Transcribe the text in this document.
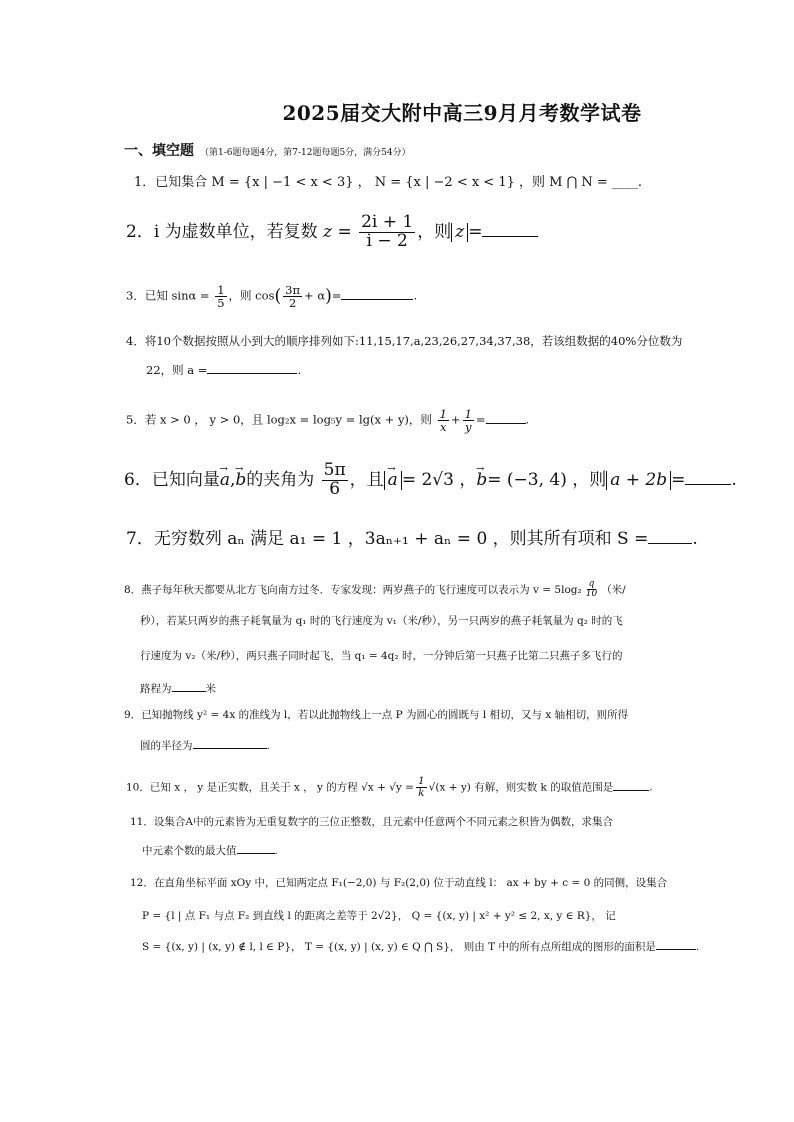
2025届交大附中高三9月月考数学试卷
一、填空题 （第1-6题每题4分，第7-12题每题5分，满分54分）
1．已知集合 M = {x | −1 < x < 3} ， N = {x | −2 < x < 1} ，则 M ⋂ N = ____.
2．i 为虚数单位，若复数 $z = \frac{2i + 1}{i - 2}$ ，则 z =
3．已知 $\sin\alpha = \frac{1}{5}$ ，则 $\cos( \frac{3\pi}{2} + \alpha)=$	.
4．将10个数据按照从小到大的顺序排列如下:11,15,17,a,23,26,27,34,37,38，若该组数据的40%分位数为
22，则 a =	.
5．若 x > 0 ， y > 0，且 log₂x = log₅y = lg(x + y)，则 $\frac{1}{x} + \frac{1}{y}$ =	.
6．已知向量→ a,→ b的夹角为 $\frac{5\pi}{6}$ ，且→ a = 2√3 ，→ b= (−3, 4) ，则 a + 2b =	.
7．无穷数列 aₙ 满足 a₁ = 1 ，3aₙ₊₁ + aₙ = 0 ，则其所有项和 S =	.
8．燕子每年秋天都要从北方飞向南方过冬．专家发现：两岁燕子的飞行速度可以表示为 $v = 5\log_2 \frac{q}{10}$ （米/
秒），若某只两岁的燕子耗氧量为 q₁ 时的飞行速度为 v₁（米/秒），另一只两岁的燕子耗氧量为 q₂ 时的飞
行速度为 v₂（米/秒），两只燕子同时起飞，当 q₁ = 4q₂ 时，一分钟后第一只燕子比第二只燕子多飞行的
路程为	米
9．已知抛物线 y² = 4x 的准线为 l，若以此抛物线上一点 P 为圆心的圆既与 l 相切，又与 x 轴相切，则所得
圆的半径为	.
10．已知 x ， y 是正实数，且关于 x ， y 的方程 $√x + √y = \frac{1}{k} √(x + y)$ 有解，则实数 k 的取值范围是	.
11．设集合A中的元素皆为无重复数字的三位正整数，且元素中任意两个不同元素之积皆为偶数，求集合
中元素个数的最大值	.
12．在直角坐标平面 xOy 中，已知两定点 F₁(−2,0) 与 F₂(2,0) 位于动直线 l： ax + by + c = 0 的同侧，设集合
P = {l | 点 F₁ 与点 F₂ 到直线 l 的距离之差等于 2√2}， Q = {(x, y) | x² + y² ≤ 2, x, y ∈ R}， 记
S = {(x, y) | (x, y) ∉ l, l ∈ P}， T = {(x, y) | (x, y) ∈ Q ⋂ S}， 则由 T 中的所有点所组成的图形的面积是	.
